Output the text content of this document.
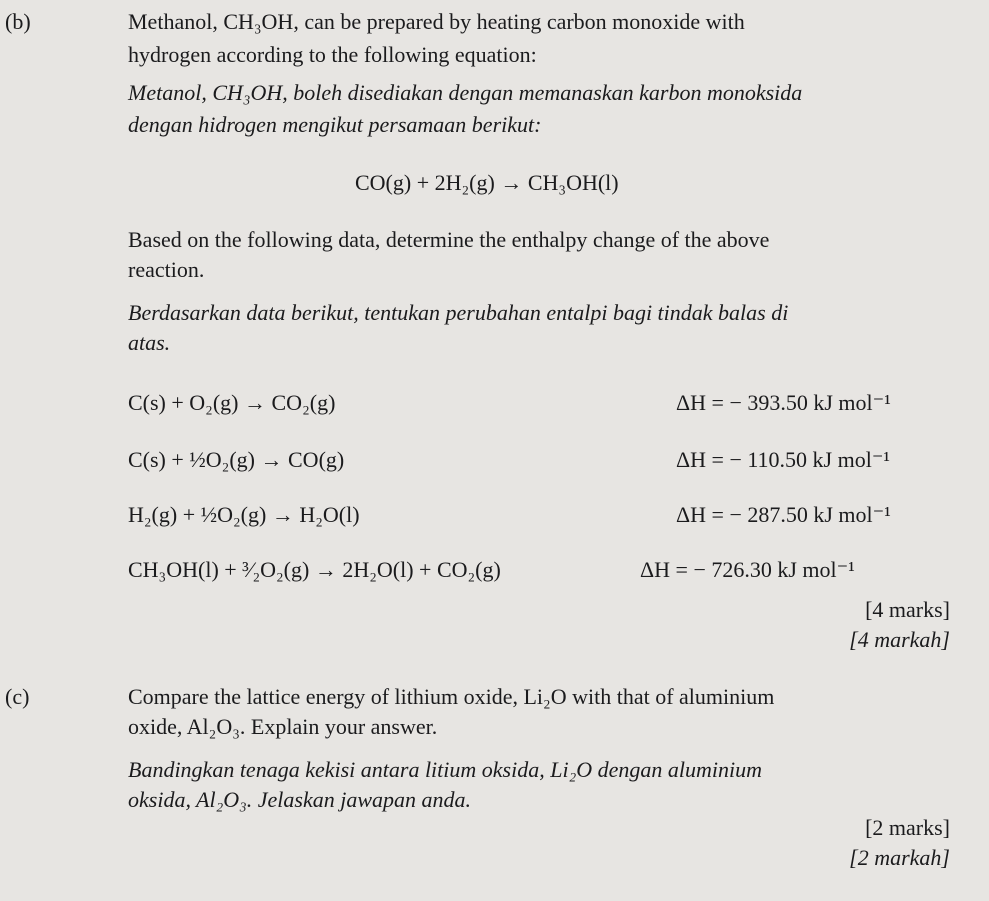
(b)	Methanol, CH₃OH, can be prepared by heating carbon monoxide with
hydrogen according to the following equation:
Metanol, CH₃OH, boleh disediakan dengan memanaskan karbon monoksida
dengan hidrogen mengikut persamaan berikut:
CO(g) + 2H₂(g) → CH₃OH(l)
Based on the following data, determine the enthalpy change of the above
reaction.
Berdasarkan data berikut, tentukan perubahan entalpi bagi tindak balas di
atas.
C(s) + O₂(g) → CO₂(g)	ΔH = − 393.50 kJ mol⁻¹
C(s) + ½O₂(g) → CO(g)	ΔH = − 110.50 kJ mol⁻¹
H₂(g) + ½O₂(g) → H₂O(l)	ΔH = − 287.50 kJ mol⁻¹
CH₃OH(l) + ³⁄₂O₂(g) → 2H₂O(l) + CO₂(g)	ΔH = − 726.30 kJ mol⁻¹
[4 marks]
[4 markah]
(c)	Compare the lattice energy of lithium oxide, Li₂O with that of aluminium
oxide, Al₂O₃. Explain your answer.
Bandingkan tenaga kekisi antara litium oksida, Li₂O dengan aluminium
oksida, Al₂O₃. Jelaskan jawapan anda.
[2 marks]
[2 markah]
